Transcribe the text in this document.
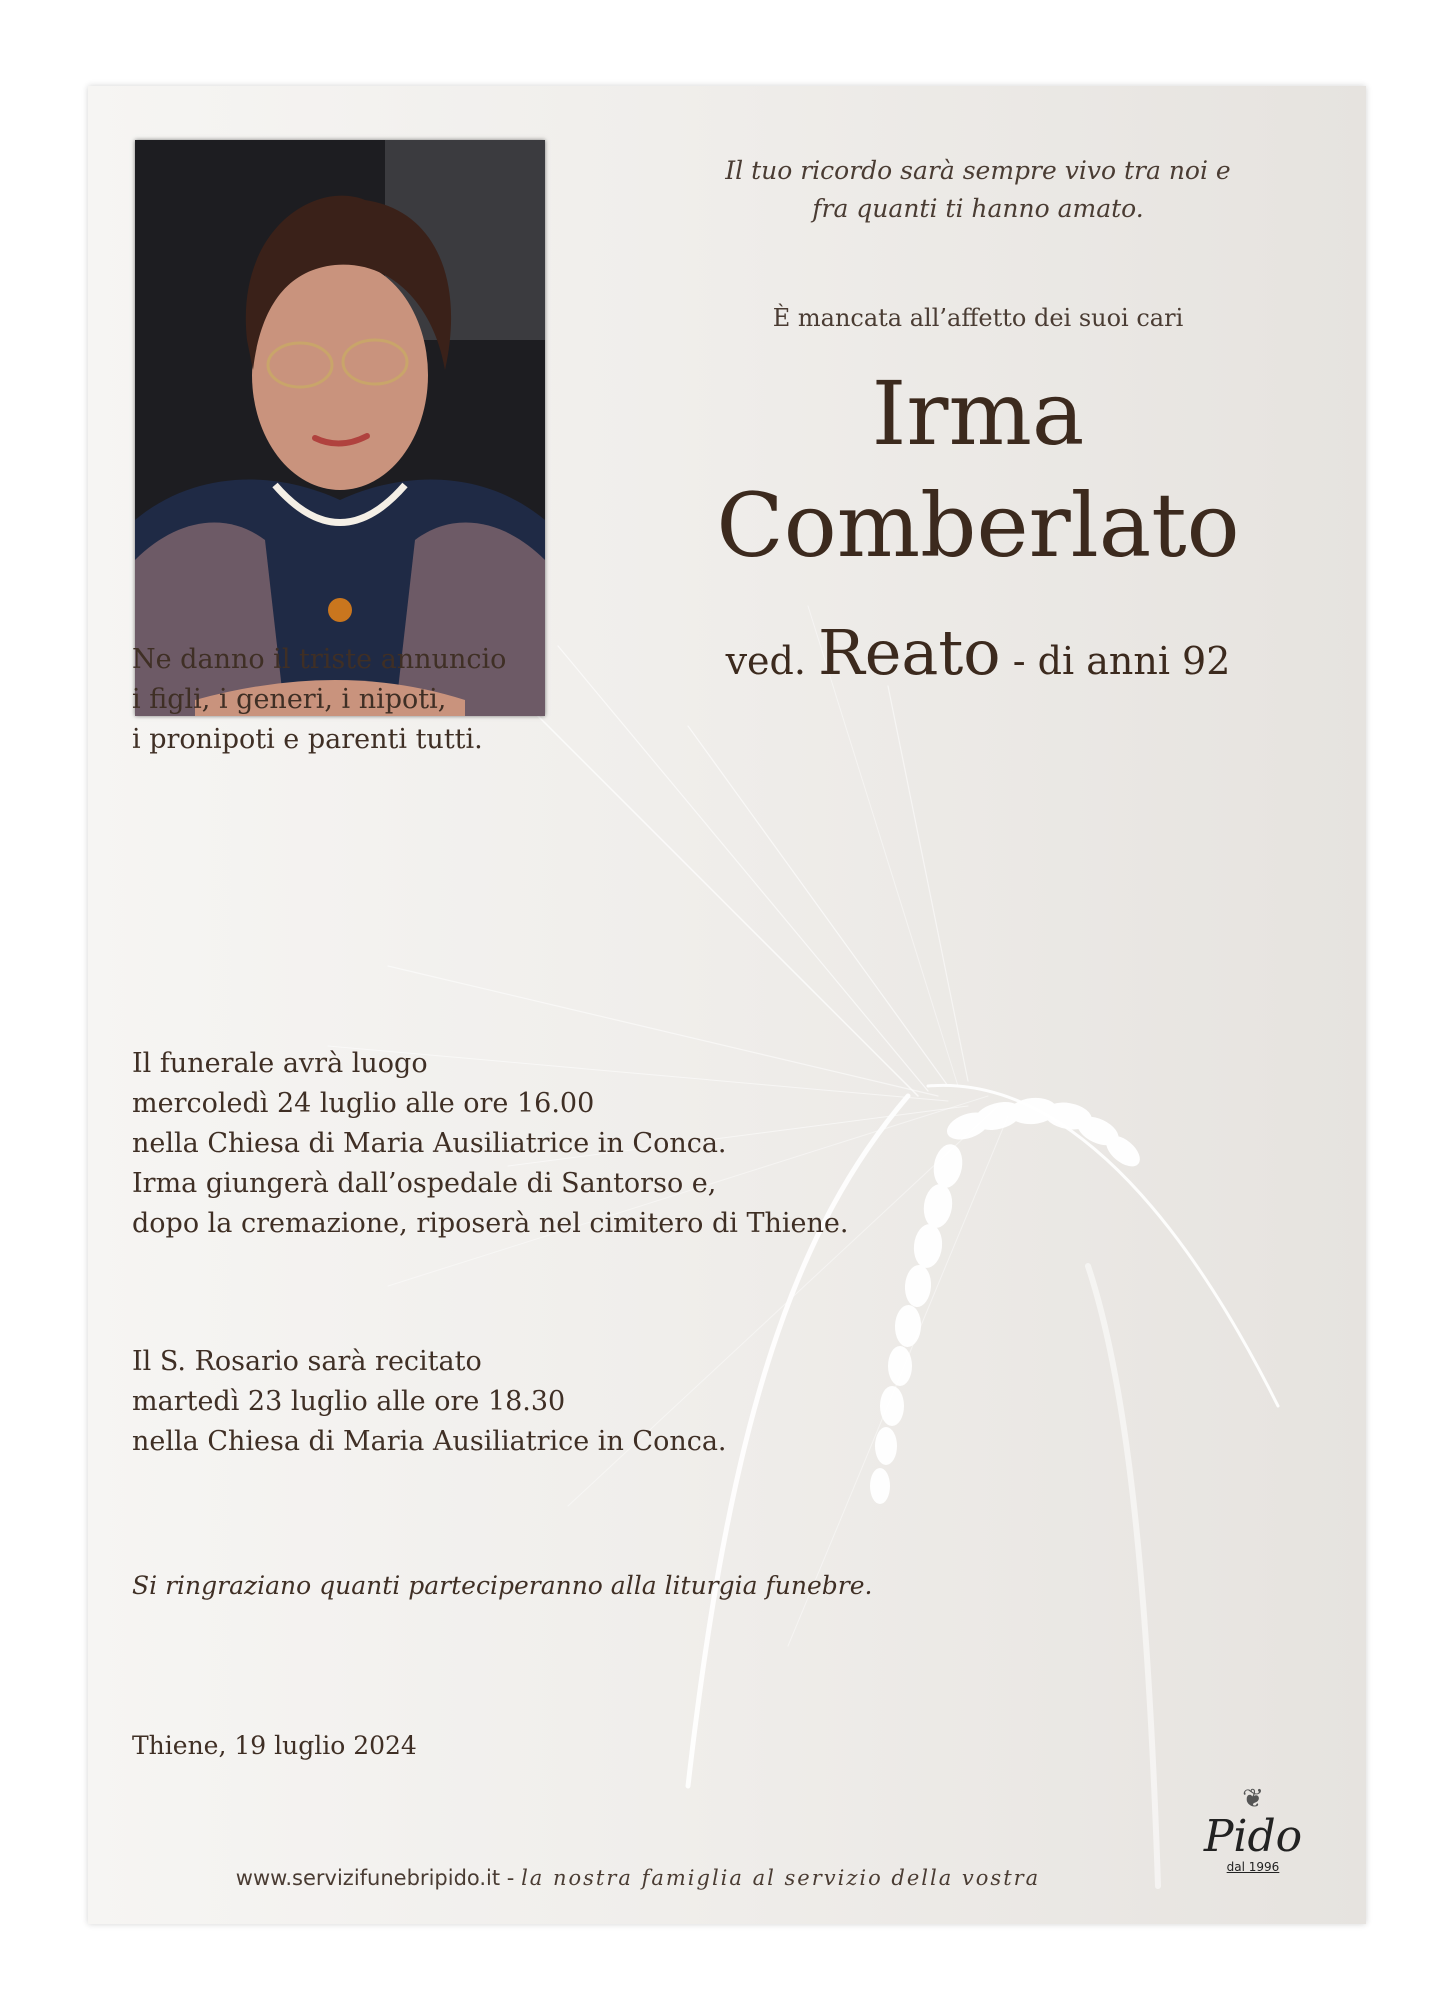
Il tuo ricordo sarà sempre vivo tra noi e
fra quanti ti hanno amato.
È mancata all’affetto dei suoi cari
Irma
Comberlato
ved. Reato - di anni 92
Ne danno il triste annuncio
i figli, i generi, i nipoti,
i pronipoti e parenti tutti.
Il funerale avrà luogo
mercoledì 24 luglio alle ore 16.00
nella Chiesa di Maria Ausiliatrice in Conca.
Irma giungerà dall’ospedale di Santorso e,
dopo la cremazione, riposerà nel cimitero di Thiene.
Il S. Rosario sarà recitato
martedì 23 luglio alle ore 18.30
nella Chiesa di Maria Ausiliatrice in Conca.
Si ringraziano quanti parteciperanno alla liturgia funebre.
Thiene, 19 luglio 2024
www.servizifunebripido.it - la nostra famiglia al servizio della vostra
❦
Pido
dal 1996
